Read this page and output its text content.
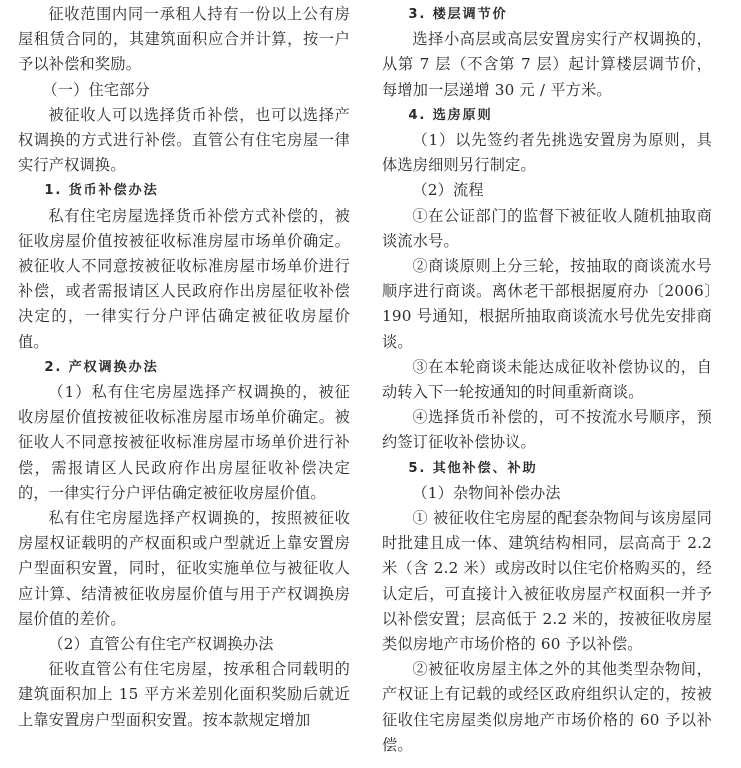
征收范围内同一承租人持有一份以上公有房屋租赁合同的，其建筑面积应合并计算，按一户予以补偿和奖励。

（一）住宅部分

被征收人可以选择货币补偿，也可以选择产权调换的方式进行补偿。直管公有住宅房屋一律实行产权调换。

1. 货币补偿办法

私有住宅房屋选择货币补偿方式补偿的，被征收房屋价值按被征收标准房屋市场单价确定。被征收人不同意按被征收标准房屋市场单价进行补偿，或者需报请区人民政府作出房屋征收补偿决定的，一律实行分户评估确定被征收房屋价值。

2. 产权调换办法

（1）私有住宅房屋选择产权调换的，被征收房屋价值按被征收标准房屋市场单价确定。被征收人不同意按被征收标准房屋市场单价进行补偿，需报请区人民政府作出房屋征收补偿决定的，一律实行分户评估确定被征收房屋价值。

私有住宅房屋选择产权调换的，按照被征收房屋权证载明的产权面积或户型就近上靠安置房户型面积安置，同时，征收实施单位与被征收人应计算、结清被征收房屋价值与用于产权调换房屋价值的差价。

（2）直管公有住宅产权调换办法

征收直管公有住宅房屋，按承租合同载明的建筑面积加上 15 平方米差别化面积奖励后就近上靠安置房户型面积安置。按本款规定增加

3. 楼层调节价

选择小高层或高层安置房实行产权调换的，从第 7 层（不含第 7 层）起计算楼层调节价，每增加一层递增 30 元 / 平方米。

4. 选房原则

（1）以先签约者先挑选安置房为原则，具体选房细则另行制定。

（2）流程

①在公证部门的监督下被征收人随机抽取商谈流水号。

②商谈原则上分三轮，按抽取的商谈流水号顺序进行商谈。离休老干部根据厦府办〔2006〕190 号通知，根据所抽取商谈流水号优先安排商谈。

③在本轮商谈未能达成征收补偿协议的，自动转入下一轮按通知的时间重新商谈。

④选择货币补偿的，可不按流水号顺序，预约签订征收补偿协议。

5. 其他补偿、补助

（1）杂物间补偿办法

① 被征收住宅房屋的配套杂物间与该房屋同时批建且成一体、建筑结构相同，层高高于 2.2 米（含 2.2 米）或房改时以住宅价格购买的，经认定后，可直接计入被征收房屋产权面积一并予以补偿安置；层高低于 2.2 米的，按被征收房屋类似房地产市场价格的 60 予以补偿。

②被征收房屋主体之外的其他类型杂物间，产权证上有记载的或经区政府组织认定的，按被征收住宅房屋类似房地产市场价格的 60 予以补偿。
